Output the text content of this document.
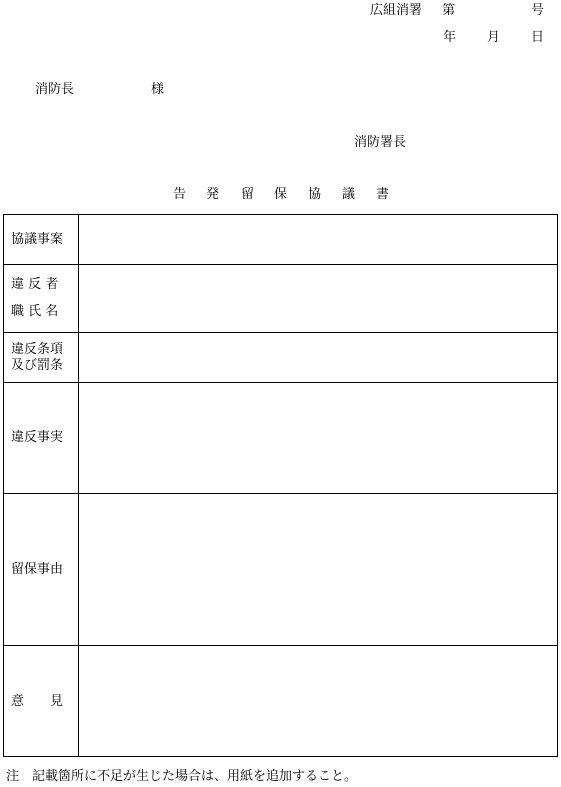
広組消署 第	号
年 月 日
消防長	様
消防署長
告 発 留 保 協 議 書
協議事案
違 反 者
職 氏 名
違反条項
及び罰条
違反事実
留保事由
意　　見
注　記載箇所に不足が生じた場合は、用紙を追加すること。
